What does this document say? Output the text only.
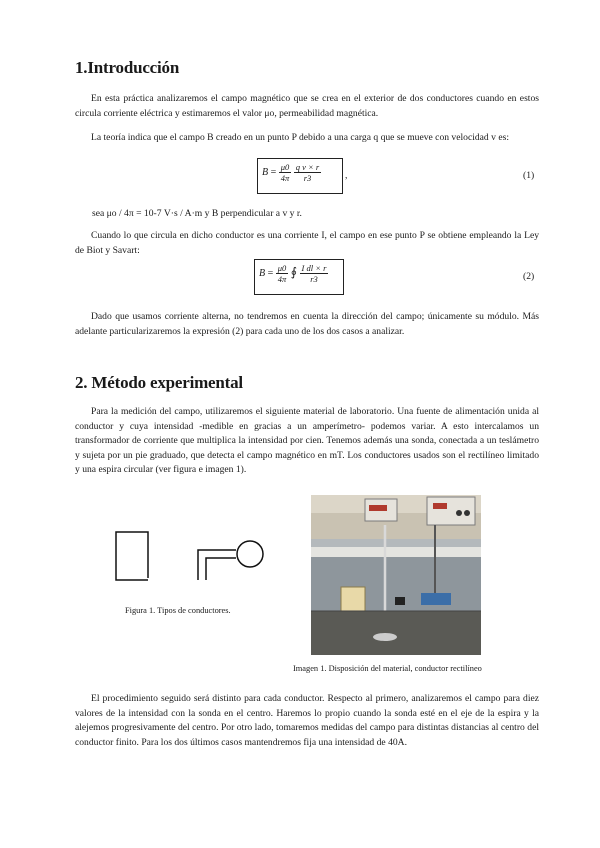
1.Introducción
En esta práctica analizaremos el campo magnético que se crea en el exterior de dos conductores cuando en estos circula corriente eléctrica y estimaremos el valor μo, permeabilidad magnética.
La teoría indica que el campo B creado en un punto P debido a una carga q que se mueve con velocidad v es:
$B = \frac{\mu 0}{4\pi}$
$\frac{\text{q v × r}}{r3}$ ,	(1)
sea μo / 4π = 10-7 V·s / A·m y B perpendicular a v y r.
Cuando lo que circula en dicho conductor es una corriente I, el campo en ese punto P se obtiene empleando la Ley de Biot y Savart:
$B = \frac{\mu 0}{4\pi}$ ∮ $\frac{\text{I dl × r}}{r3}$	(2)
Dado que usamos corriente alterna, no tendremos en cuenta la dirección del campo; únicamente su módulo. Más adelante particularizaremos la expresión (2) para cada uno de los dos casos a analizar.
2. Método experimental
Para la medición del campo, utilizaremos el siguiente material de laboratorio. Una fuente de alimentación unida al conductor y cuya intensidad -medible en gracias a un amperímetro- podemos variar. A esto intercalamos un transformador de corriente que multiplica la intensidad por cien. Tenemos además una sonda, conectada a un teslámetro y sujeta por un pie graduado, que detecta el campo magnético en mT. Los conductores usados son el rectilíneo limitado y una espira circular (ver figura e imagen 1).
Figura 1. Tipos de conductores.
Imagen 1. Disposición del material, conductor rectilíneo
El procedimiento seguido será distinto para cada conductor. Respecto al primero, analizaremos el campo para diez valores de la intensidad con la sonda en el centro. Haremos lo propio cuando la sonda esté en el eje de la espira y la alejemos progresivamente del centro. Por otro lado, tomaremos medidas del campo para distintas distancias al centro del conductor finito. Para los dos últimos casos mantendremos fija una intensidad de 40A.
